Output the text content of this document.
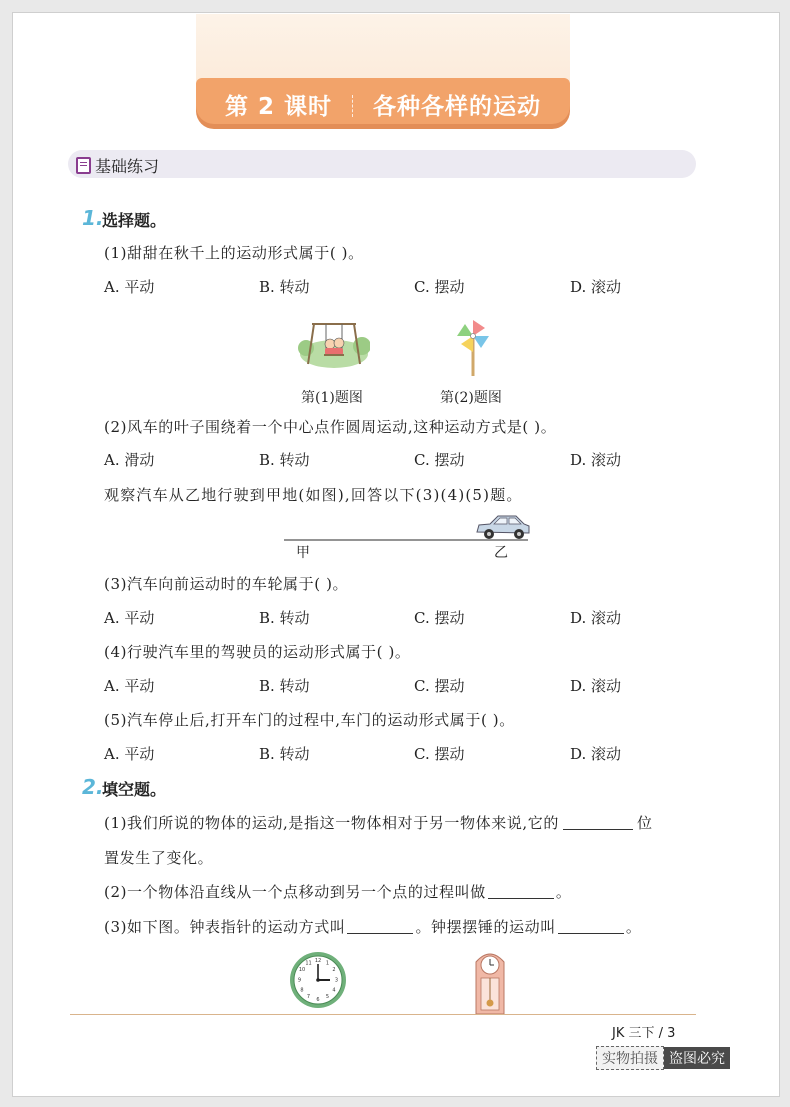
第 2 课时 各种各样的运动
基础练习
1.
选择题。
(1)甜甜在秋千上的运动形式属于( )。
A. 平动	B. 转动	C. 摆动	D. 滚动
第(1)题图	第(2)题图
(2)风车的叶子围绕着一个中心点作圆周运动,这种运动方式是( )。
A. 滑动	B. 转动	C. 摆动	D. 滚动
观察汽车从乙地行驶到甲地(如图),回答以下(3)(4)(5)题。
甲	乙
(3)汽车向前运动时的车轮属于( )。
A. 平动	B. 转动	C. 摆动	D. 滚动
(4)行驶汽车里的驾驶员的运动形式属于( )。
A. 平动	B. 转动	C. 摆动	D. 滚动
(5)汽车停止后,打开车门的过程中,车门的运动形式属于( )。
A. 平动	B. 转动	C. 摆动	D. 滚动
2.
填空题。
(1)我们所说的物体的运动,是指这一物体相对于另一物体来说,它的	位
置发生了变化。
(2)一个物体沿直线从一个点移动到另一个点的过程叫做	。
(3)如下图。钟表指针的运动方式叫	。钟摆摆锤的运动叫	。
12 1
2
3
4
5
6
7
8
9
10
11
JK 三下 / 3
实物拍摄 盗图必究
